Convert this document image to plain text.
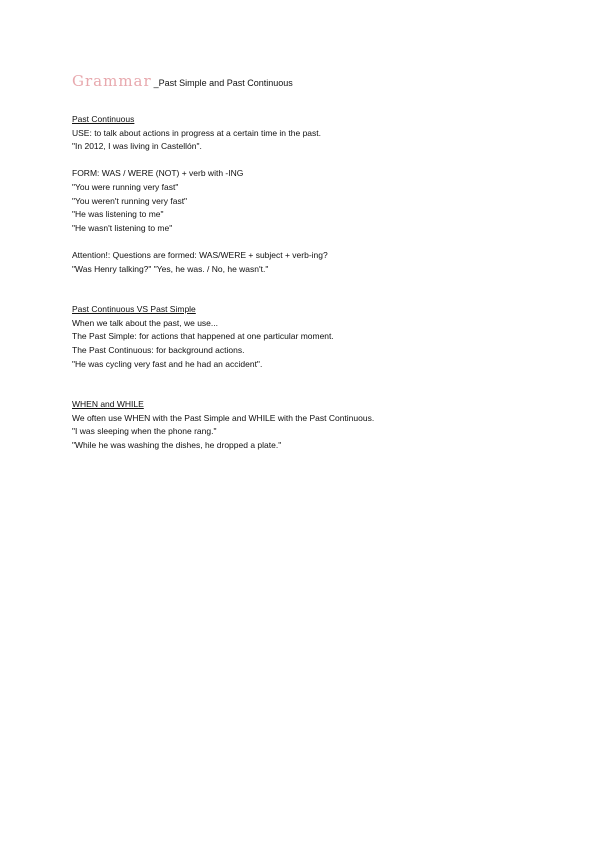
Grammar _Past Simple and Past Continuous
Past Continuous
USE: to talk about actions in progress at a certain time in the past.
"In 2012, I was living in Castellón".
FORM: WAS / WERE (NOT) + verb with -ING
"You were running very fast"
"You weren't running very fast"
"He was listening to me"
"He wasn't listening to me"
Attention!: Questions are formed: WAS/WERE + subject + verb-ing?
"Was Henry talking?" "Yes, he was. / No, he wasn't."
Past Continuous VS Past Simple
When we talk about the past, we use...
The Past Simple: for actions that happened at one particular moment.
The Past Continuous: for background actions.
"He was cycling very fast and he had an accident".
WHEN and WHILE
We often use WHEN with the Past Simple and WHILE with the Past Continuous.
"I was sleeping when the phone rang."
"While he was washing the dishes, he dropped a plate."
